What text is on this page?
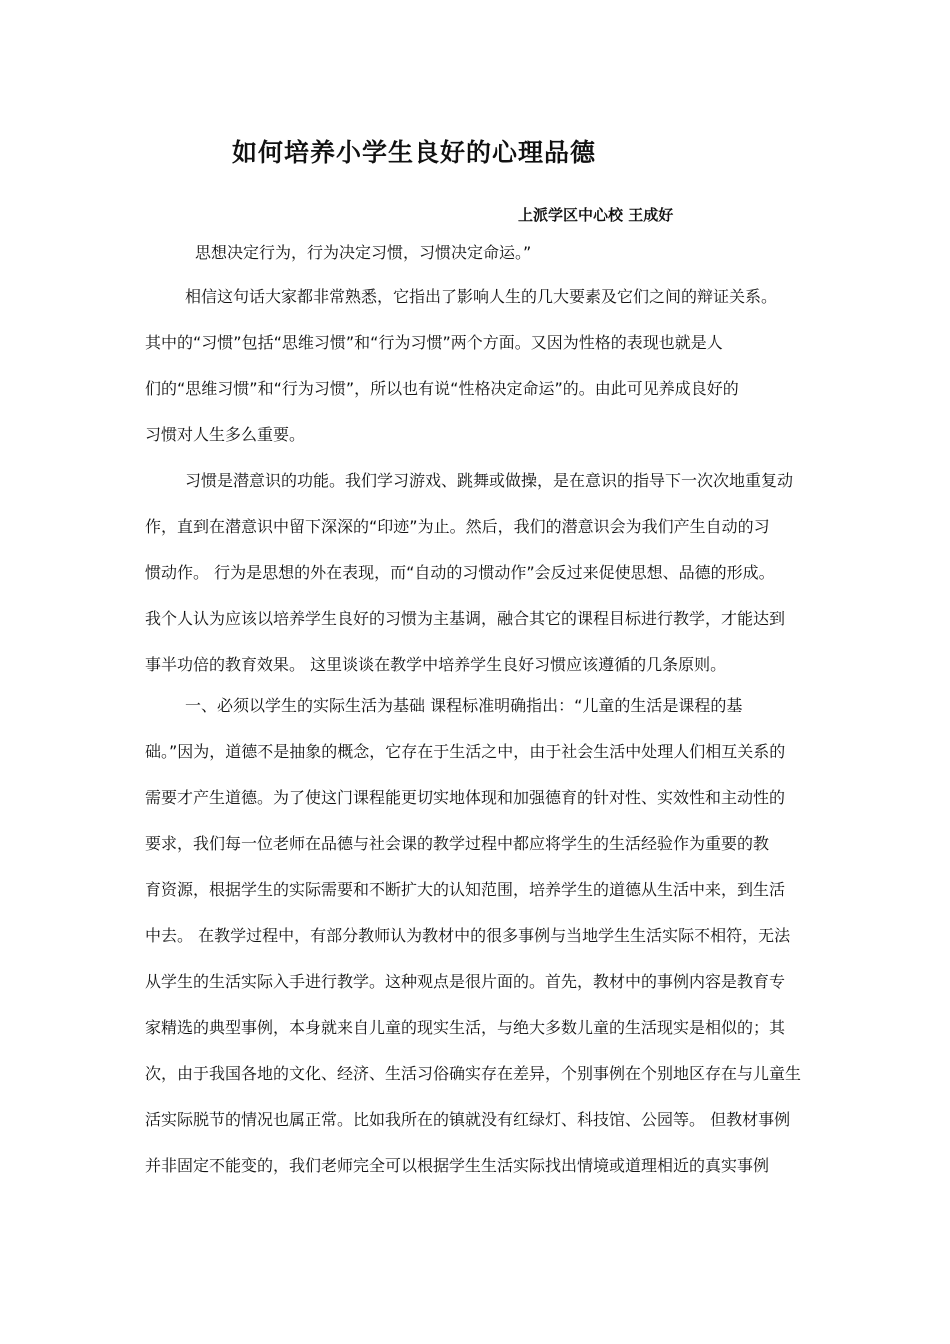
如何培养小学生良好的心理品德

上派学区中心校 王成好

思想决定行为，行为决定习惯，习惯决定命运。”

相信这句话大家都非常熟悉，它指出了影响人生的几大要素及它们之间的辩证关系。

其中的“习惯”包括“思维习惯”和“行为习惯”两个方面。又因为性格的表现也就是人

们的“思维习惯”和“行为习惯”，所以也有说“性格决定命运”的。由此可见养成良好的

习惯对人生多么重要。

习惯是潜意识的功能。我们学习游戏、跳舞或做操，是在意识的指导下一次次地重复动

作，直到在潜意识中留下深深的“印迹”为止。然后，我们的潜意识会为我们产生自动的习

惯动作。 行为是思想的外在表现，而“自动的习惯动作”会反过来促使思想、品德的形成。

我个人认为应该以培养学生良好的习惯为主基调，融合其它的课程目标进行教学，才能达到

事半功倍的教育效果。 这里谈谈在教学中培养学生良好习惯应该遵循的几条原则。

一、必须以学生的实际生活为基础 课程标准明确指出：“儿童的生活是课程的基

础。”因为，道德不是抽象的概念，它存在于生活之中，由于社会生活中处理人们相互关系的

需要才产生道德。为了使这门课程能更切实地体现和加强德育的针对性、实效性和主动性的

要求，我们每一位老师在品德与社会课的教学过程中都应将学生的生活经验作为重要的教

育资源，根据学生的实际需要和不断扩大的认知范围，培养学生的道德从生活中来，到生活

中去。 在教学过程中，有部分教师认为教材中的很多事例与当地学生生活实际不相符，无法

从学生的生活实际入手进行教学。这种观点是很片面的。首先，教材中的事例内容是教育专

家精选的典型事例，本身就来自儿童的现实生活，与绝大多数儿童的生活现实是相似的；其

次，由于我国各地的文化、经济、生活习俗确实存在差异，个别事例在个别地区存在与儿童生

活实际脱节的情况也属正常。比如我所在的镇就没有红绿灯、科技馆、公园等。 但教材事例

并非固定不能变的，我们老师完全可以根据学生生活实际找出情境或道理相近的真实事例
